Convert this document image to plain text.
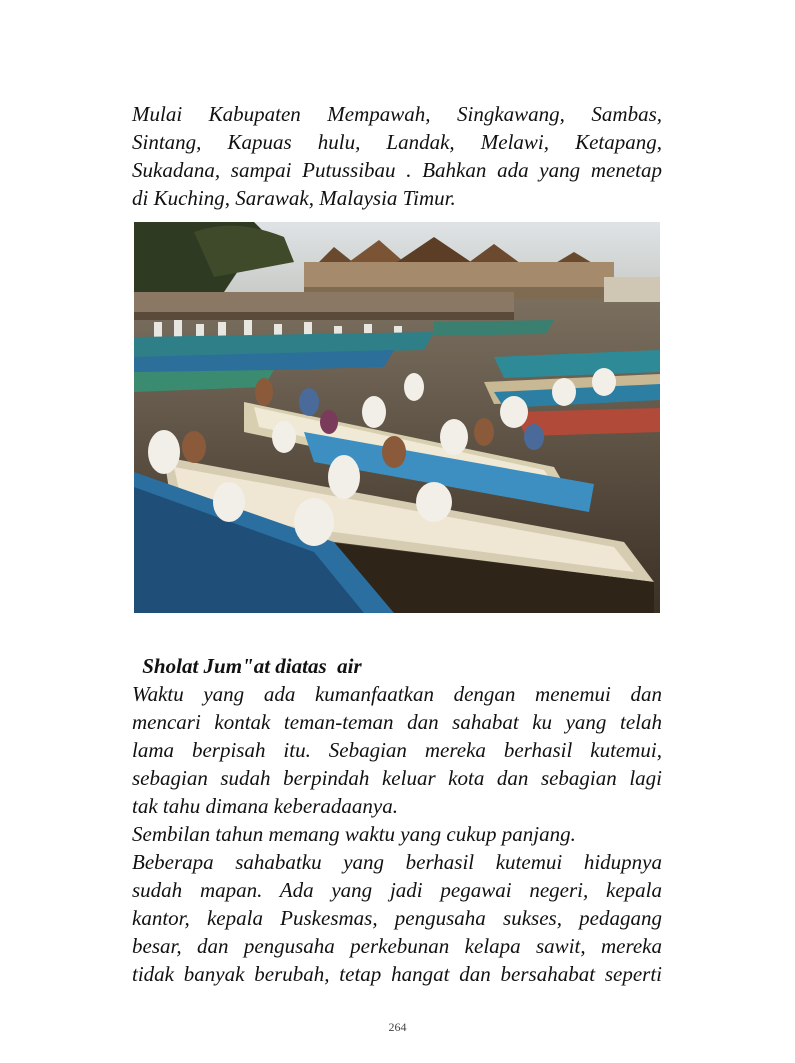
Mulai Kabupaten Mempawah, Singkawang, Sambas,
Sintang, Kapuas hulu, Landak, Melawi, Ketapang,
Sukadana, sampai Putussibau . Bahkan ada yang menetap
di Kuching, Sarawak, Malaysia Timur.

Sholat Jum"at diatas  air

Waktu yang ada kumanfaatkan dengan menemui dan
mencari kontak teman-teman dan sahabat ku yang telah
lama berpisah itu. Sebagian mereka berhasil kutemui,
sebagian sudah berpindah keluar kota dan sebagian lagi
tak tahu dimana keberadaanya.
Sembilan tahun memang waktu yang cukup panjang.
Beberapa sahabatku yang berhasil kutemui hidupnya
sudah mapan. Ada yang jadi pegawai negeri, kepala
kantor, kepala Puskesmas, pengusaha sukses, pedagang
besar, dan pengusaha perkebunan kelapa sawit, mereka
tidak banyak berubah, tetap hangat dan bersahabat seperti
264
